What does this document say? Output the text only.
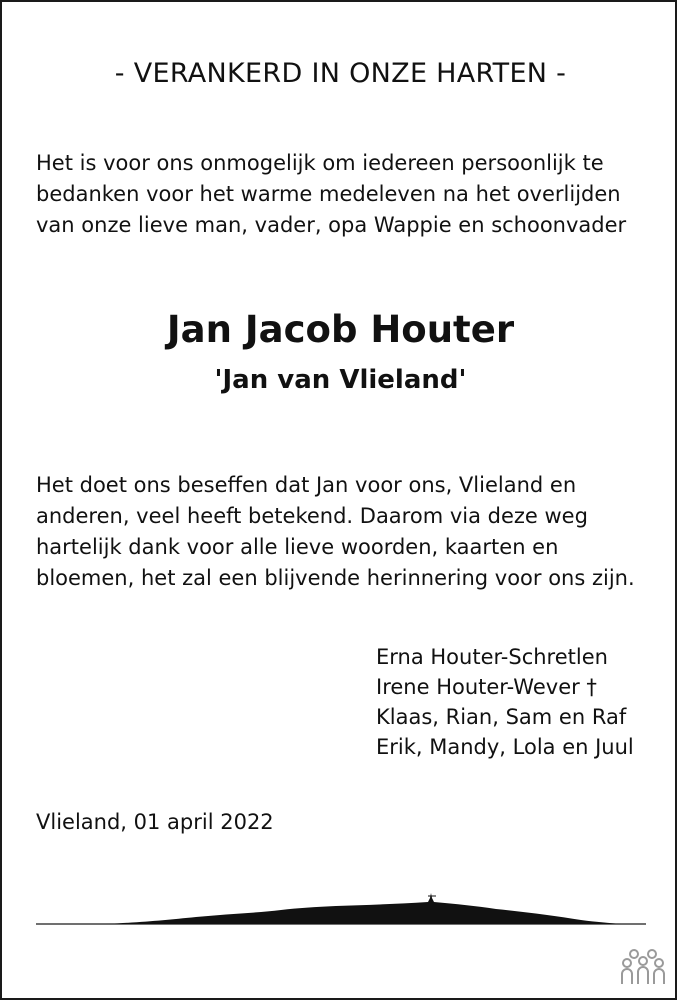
- VERANKERD IN ONZE HARTEN -
Het is voor ons onmogelijk om iedereen persoonlijk te
bedanken voor het warme medeleven na het overlijden
van onze lieve man, vader, opa Wappie en schoonvader
Jan Jacob Houter
'Jan van Vlieland'
Het doet ons beseffen dat Jan voor ons, Vlieland en
anderen, veel heeft betekend. Daarom via deze weg
hartelijk dank voor alle lieve woorden, kaarten en
bloemen, het zal een blijvende herinnering voor ons zijn.
Erna Houter-Schretlen
Irene Houter-Wever †
Klaas, Rian, Sam en Raf
Erik, Mandy, Lola en Juul
Vlieland, 01 april 2022
